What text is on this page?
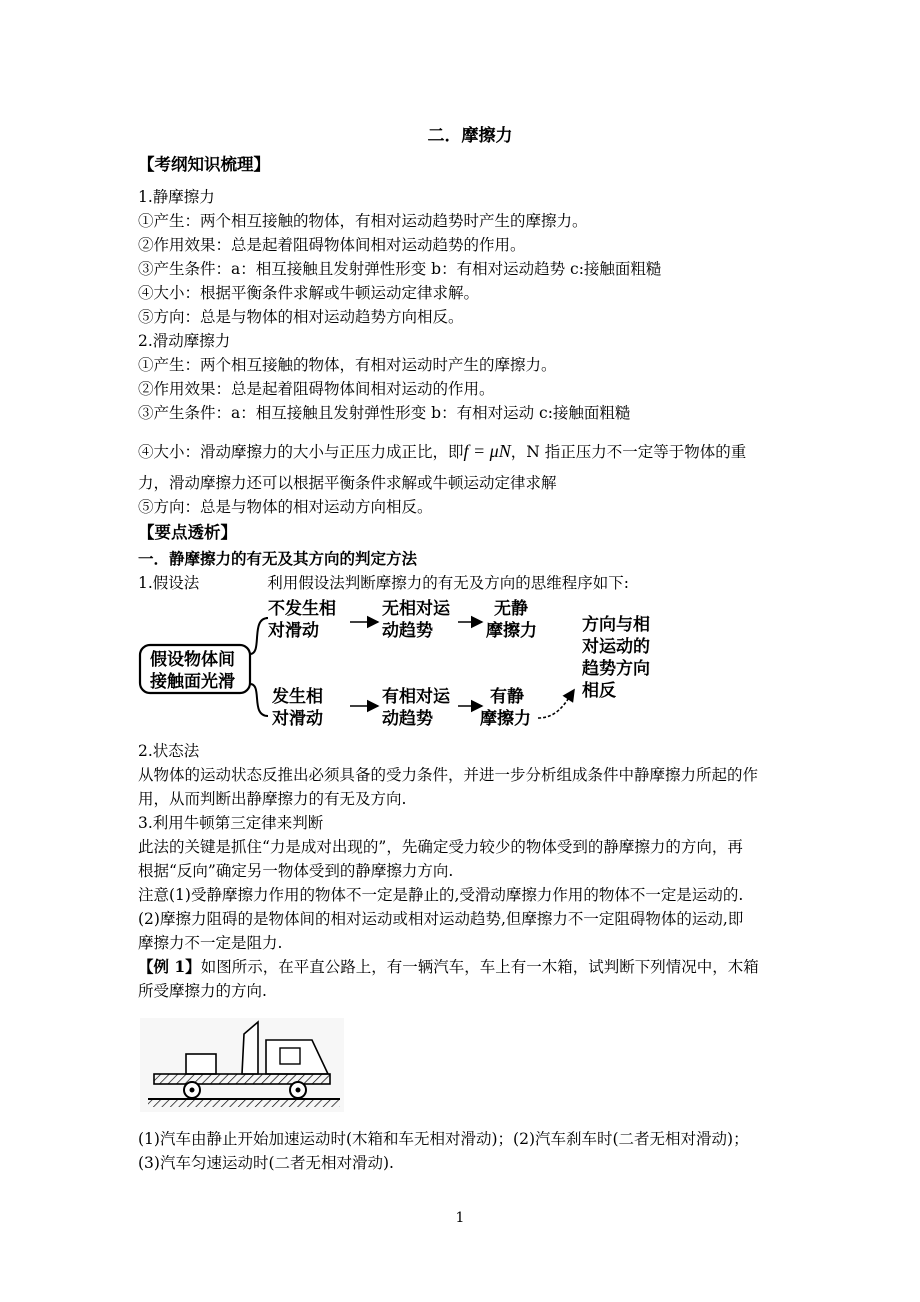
二．摩擦力
【考纲知识梳理】
1.静摩擦力
①产生：两个相互接触的物体，有相对运动趋势时产生的摩擦力。
②作用效果：总是起着阻碍物体间相对运动趋势的作用。
③产生条件：a：相互接触且发射弹性形变 b：有相对运动趋势 c:接触面粗糙
④大小：根据平衡条件求解或牛顿运动定律求解。
⑤方向：总是与物体的相对运动趋势方向相反。
2.滑动摩擦力
①产生：两个相互接触的物体，有相对运动时产生的摩擦力。
②作用效果：总是起着阻碍物体间相对运动的作用。
③产生条件：a：相互接触且发射弹性形变 b：有相对运动 c:接触面粗糙
④大小：滑动摩擦力的大小与正压力成正比，即f = μN，N 指正压力不一定等于物体的重
力，滑动摩擦力还可以根据平衡条件求解或牛顿运动定律求解
⑤方向：总是与物体的相对运动方向相反。
【要点透析】
一．静摩擦力的有无及其方向的判定方法
1.假设法	利用假设法判断摩擦力的有无及方向的思维程序如下:
假设物体间
接触面光滑
不发生相
对滑动
无相对运
动趋势
无静
摩擦力
发生相
对滑动
有相对运
动趋势
有静
摩擦力
方向与相
对运动的
趋势方向
相反
2.状态法
从物体的运动状态反推出必须具备的受力条件，并进一步分析组成条件中静摩擦力所起的作
用，从而判断出静摩擦力的有无及方向.
3.利用牛顿第三定律来判断
此法的关键是抓住“力是成对出现的”，先确定受力较少的物体受到的静摩擦力的方向，再
根据“反向”确定另一物体受到的静摩擦力方向.
注意(1)受静摩擦力作用的物体不一定是静止的,受滑动摩擦力作用的物体不一定是运动的.
(2)摩擦力阻碍的是物体间的相对运动或相对运动趋势,但摩擦力不一定阻碍物体的运动,即
摩擦力不一定是阻力.
【例 1】如图所示，在平直公路上，有一辆汽车，车上有一木箱，试判断下列情况中，木箱
所受摩擦力的方向.
(1)汽车由静止开始加速运动时(木箱和车无相对滑动)；(2)汽车刹车时(二者无相对滑动)；
(3)汽车匀速运动时(二者无相对滑动).
1
